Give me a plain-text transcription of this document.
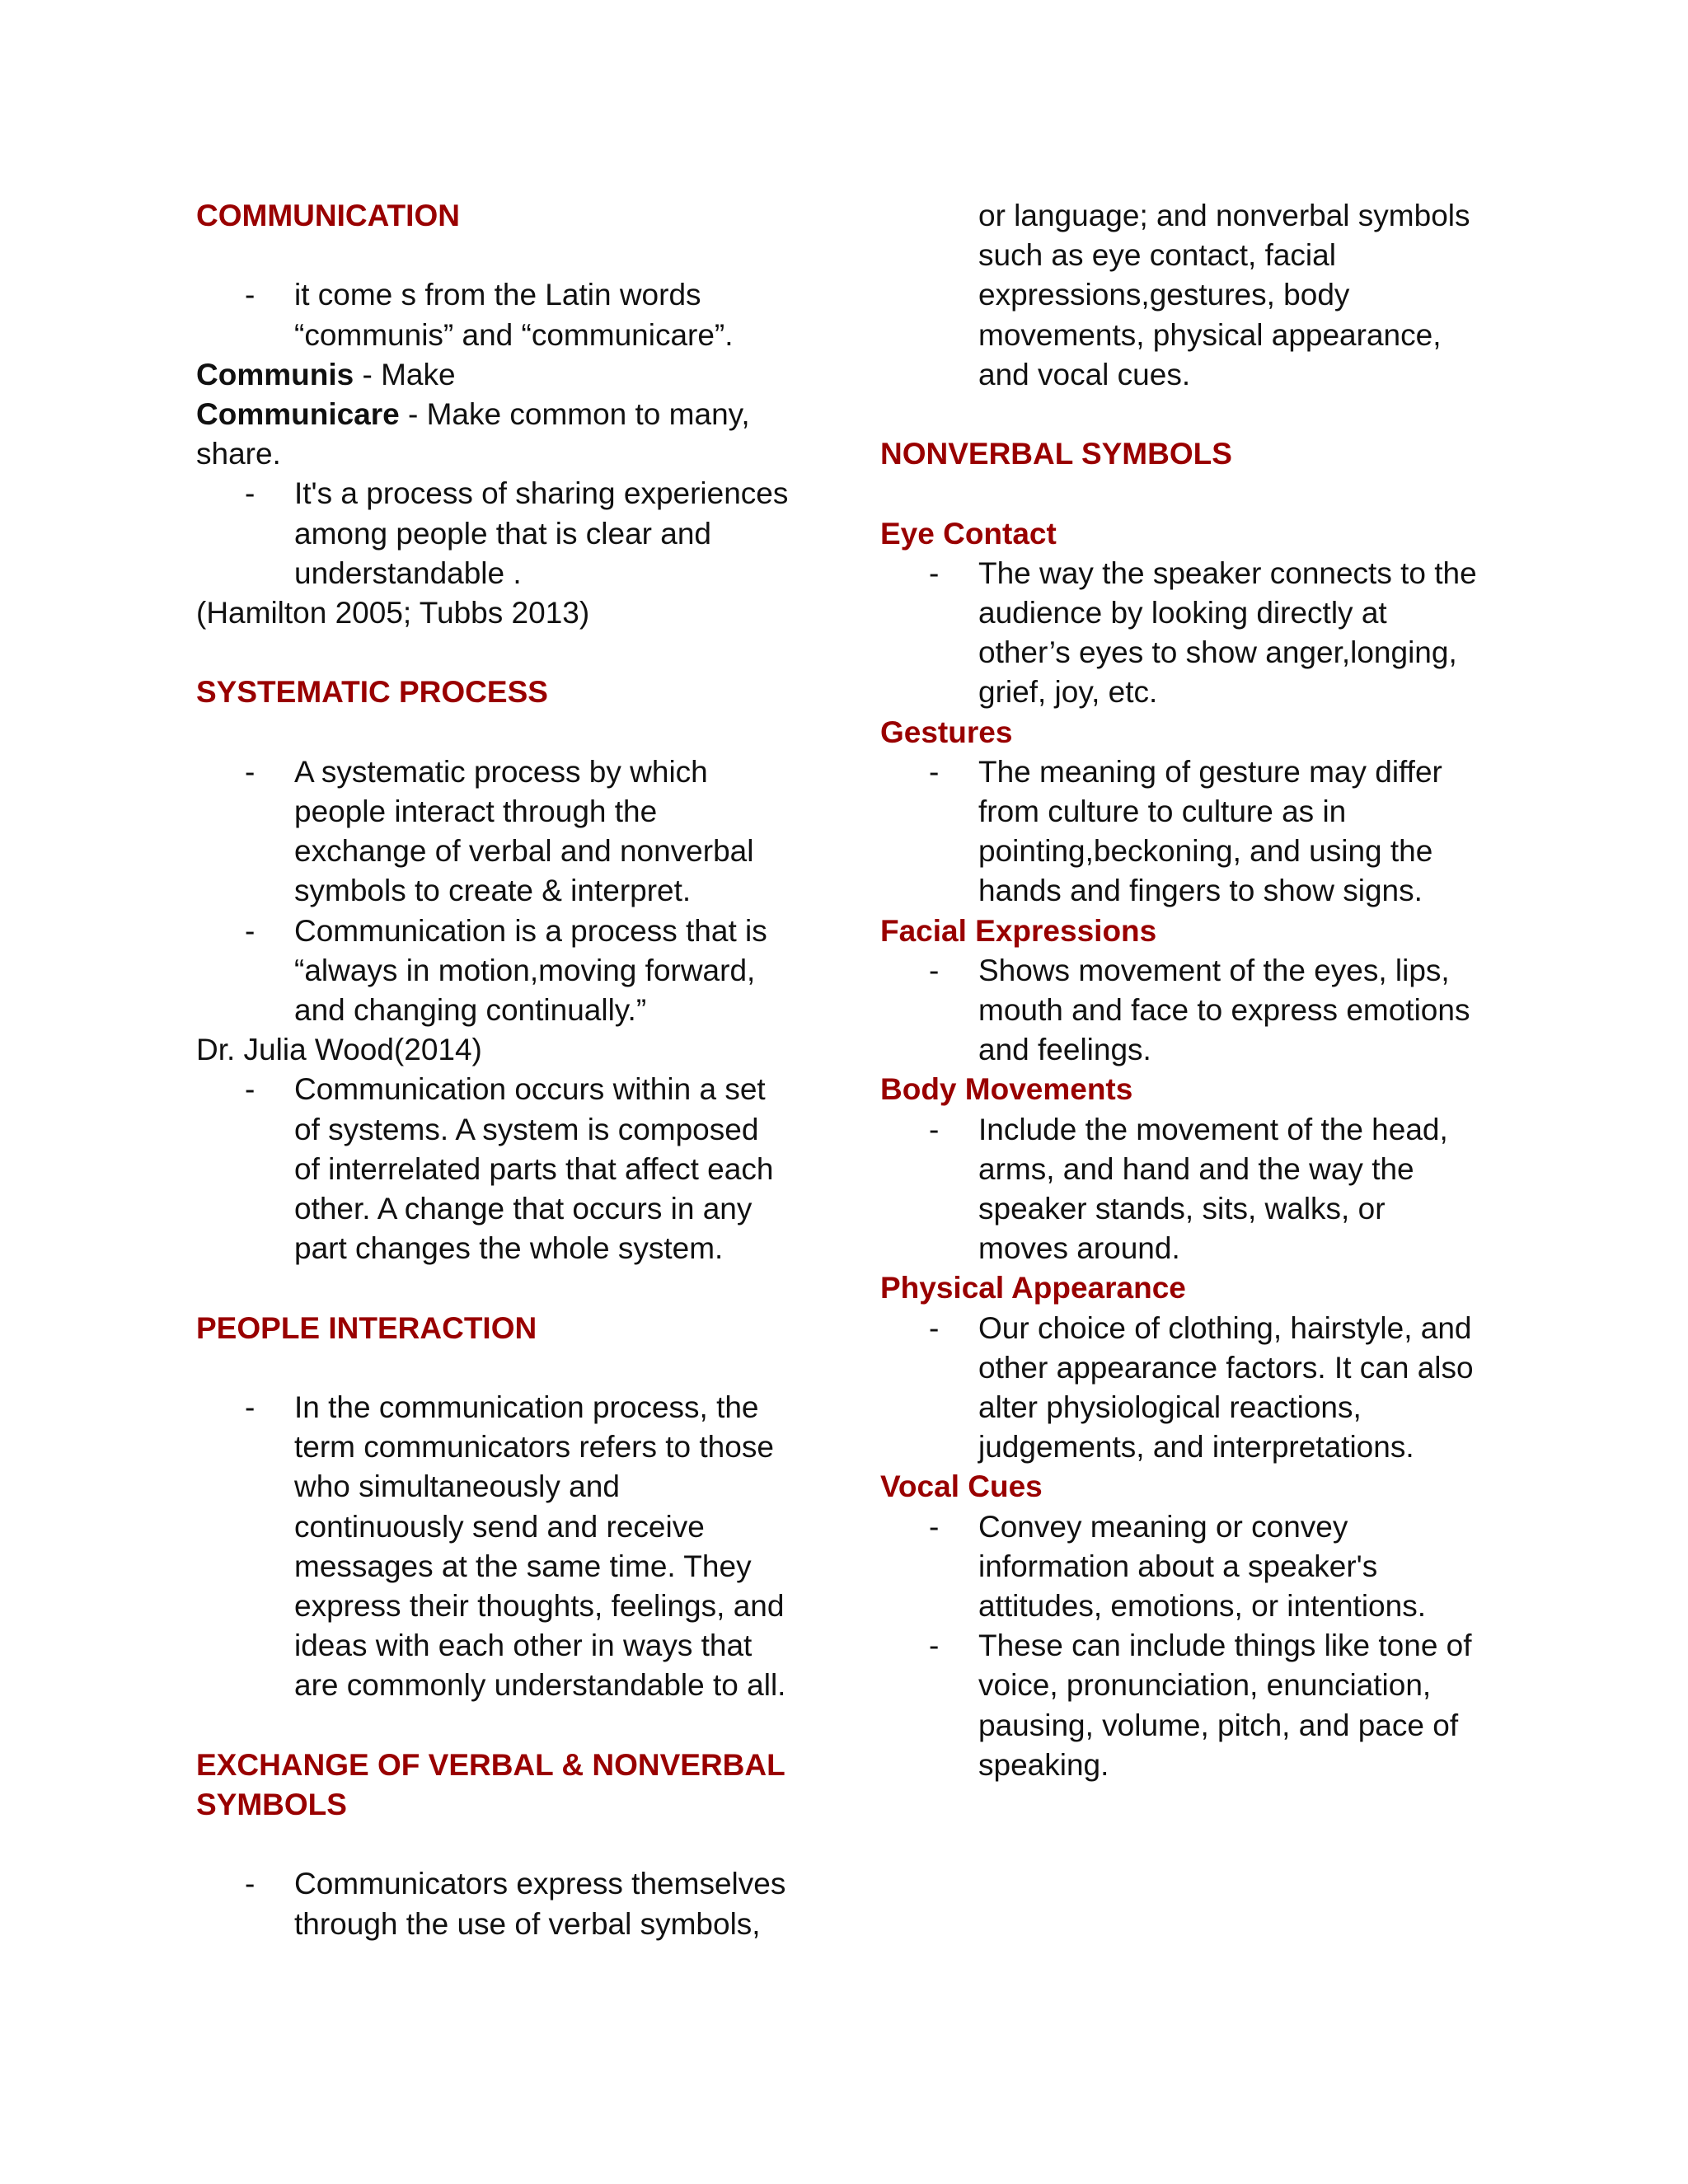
COMMUNICATION
- it come s from the Latin words
“communis” and “communicare”.
Communis - Make
Communicare - Make common to many,
share.
- It's a process of sharing experiences
among people that is clear and
understandable .
(Hamilton 2005; Tubbs 2013)
SYSTEMATIC PROCESS
- A systematic process by which
people interact through the
exchange of verbal and nonverbal
symbols to create & interpret.
- Communication is a process that is
“always in motion,moving forward,
and changing continually.”
Dr. Julia Wood(2014)
- Communication occurs within a set
of systems. A system is composed
of interrelated parts that affect each
other. A change that occurs in any
part changes the whole system.
PEOPLE INTERACTION
- In the communication process, the
term communicators refers to those
who simultaneously and
continuously send and receive
messages at the same time. They
express their thoughts, feelings, and
ideas with each other in ways that
are commonly understandable to all.
EXCHANGE OF VERBAL & NONVERBAL
SYMBOLS
- Communicators express themselves
through the use of verbal symbols,
or language; and nonverbal symbols
such as eye contact, facial
expressions,gestures, body
movements, physical appearance,
and vocal cues.
NONVERBAL SYMBOLS
Eye Contact
- The way the speaker connects to the
audience by looking directly at
other’s eyes to show anger,longing,
grief, joy, etc.
Gestures
- The meaning of gesture may differ
from culture to culture as in
pointing,beckoning, and using the
hands and fingers to show signs.
Facial Expressions
- Shows movement of the eyes, lips,
mouth and face to express emotions
and feelings.
Body Movements
- Include the movement of the head,
arms, and hand and the way the
speaker stands, sits, walks, or
moves around.
Physical Appearance
- Our choice of clothing, hairstyle, and
other appearance factors. It can also
alter physiological reactions,
judgements, and interpretations.
Vocal Cues
- Convey meaning or convey
information about a speaker's
attitudes, emotions, or intentions.
- These can include things like tone of
voice, pronunciation, enunciation,
pausing, volume, pitch, and pace of
speaking.
